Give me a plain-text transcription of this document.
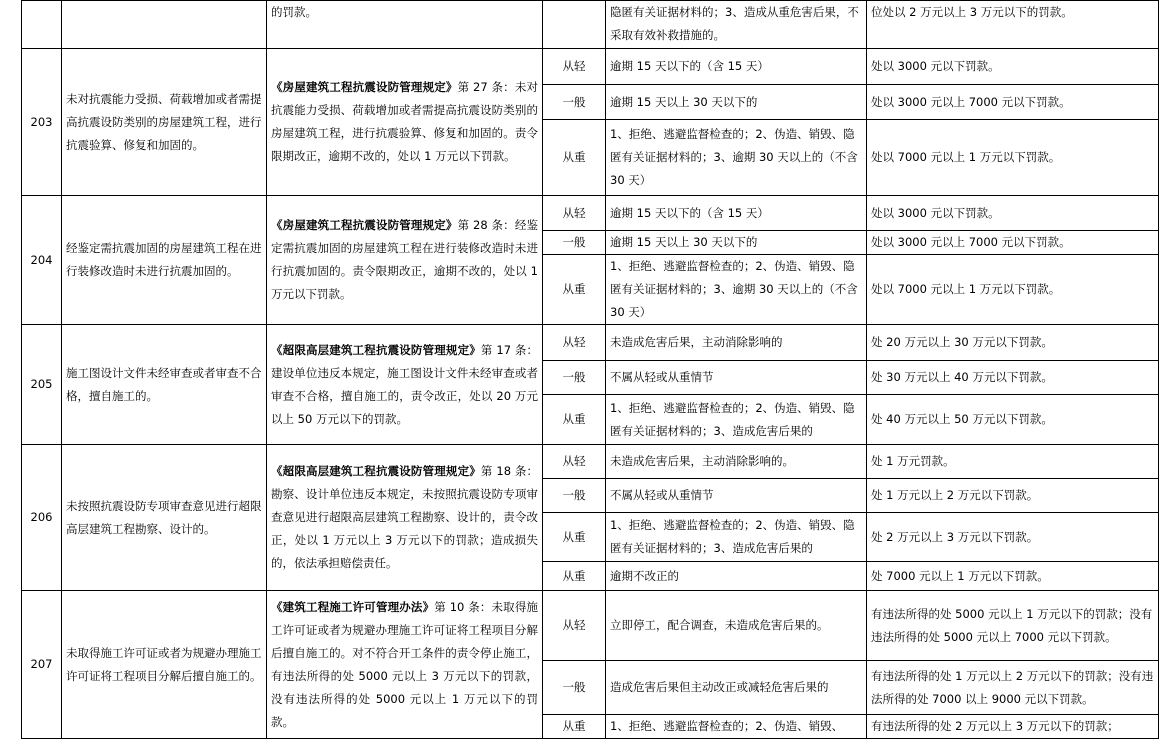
		的罚款。		隐匿有关证据材料的；3、造成从重危害后果，不采取有效补救措施的。	位处以 2 万元以上 3 万元以下的罚款。
203	未对抗震能力受损、荷载增加或者需提高抗震设防类别的房屋建筑工程，进行抗震验算、修复和加固的。	《房屋建筑工程抗震设防管理规定》第 27 条：未对抗震能力受损、荷载增加或者需提高抗震设防类别的房屋建筑工程，进行抗震验算、修复和加固的。责令限期改正，逾期不改的，处以 1 万元以下罚款。	从轻	逾期 15 天以下的（含 15 天）	处以 3000 元以下罚款。
			一般	逾期 15 天以上 30 天以下的	处以 3000 元以上 7000 元以下罚款。
			从重	1、拒绝、逃避监督检查的；2、伪造、销毁、隐匿有关证据材料的；3、逾期 30 天以上的（不含 30 天）	处以 7000 元以上 1 万元以下罚款。
204	经鉴定需抗震加固的房屋建筑工程在进行装修改造时未进行抗震加固的。	《房屋建筑工程抗震设防管理规定》第 28 条：经鉴定需抗震加固的房屋建筑工程在进行装修改造时未进行抗震加固的。责令限期改正，逾期不改的，处以 1 万元以下罚款。	从轻	逾期 15 天以下的（含 15 天）	处以 3000 元以下罚款。
			一般	逾期 15 天以上 30 天以下的	处以 3000 元以上 7000 元以下罚款。
			从重	1、拒绝、逃避监督检查的；2、伪造、销毁、隐匿有关证据材料的；3、逾期 30 天以上的（不含 30 天）	处以 7000 元以上 1 万元以下罚款。
205	施工图设计文件未经审查或者审查不合格，擅自施工的。	《超限高层建筑工程抗震设防管理规定》第 17 条：建设单位违反本规定，施工图设计文件未经审查或者审查不合格，擅自施工的，责令改正，处以 20 万元以上 50 万元以下的罚款。	从轻	未造成危害后果，主动消除影响的	处 20 万元以上 30 万元以下罚款。
			一般	不属从轻或从重情节	处 30 万元以上 40 万元以下罚款。
			从重	1、拒绝、逃避监督检查的；2、伪造、销毁、隐匿有关证据材料的；3、造成危害后果的	处 40 万元以上 50 万元以下罚款。
206	未按照抗震设防专项审查意见进行超限高层建筑工程勘察、设计的。	《超限高层建筑工程抗震设防管理规定》第 18 条：勘察、设计单位违反本规定，未按照抗震设防专项审查意见进行超限高层建筑工程勘察、设计的，责令改正，处以 1 万元以上 3 万元以下的罚款；造成损失的，依法承担赔偿责任。	从轻	未造成危害后果，主动消除影响的。	处 1 万元罚款。
			一般	不属从轻或从重情节	处 1 万元以上 2 万元以下罚款。
			从重	1、拒绝、逃避监督检查的；2、伪造、销毁、隐匿有关证据材料的；3、造成危害后果的	处 2 万元以上 3 万元以下罚款。
			从重	逾期不改正的	处 7000 元以上 1 万元以下罚款。
207	未取得施工许可证或者为规避办理施工许可证将工程项目分解后擅自施工的。	《建筑工程施工许可管理办法》第 10 条：未取得施工许可证或者为规避办理施工许可证将工程项目分解后擅自施工的。对不符合开工条件的责令停止施工，有违法所得的处 5000 元以上 3 万元以下的罚款，没有违法所得的处 5000 元以上 1 万元以下的罚款。	从轻	立即停工，配合调查，未造成危害后果的。	有违法所得的处 5000 元以上 1 万元以下的罚款；没有违法所得的处 5000 元以上 7000 元以下罚款。
			一般	造成危害后果但主动改正或减轻危害后果的	有违法所得的处 1 万元以上 2 万元以下的罚款；没有违法所得的处 7000 以上 9000 元以下罚款。
			从重	1、拒绝、逃避监督检查的；2、伪造、销毁、	有违法所得的处 2 万元以上 3 万元以下的罚款；
